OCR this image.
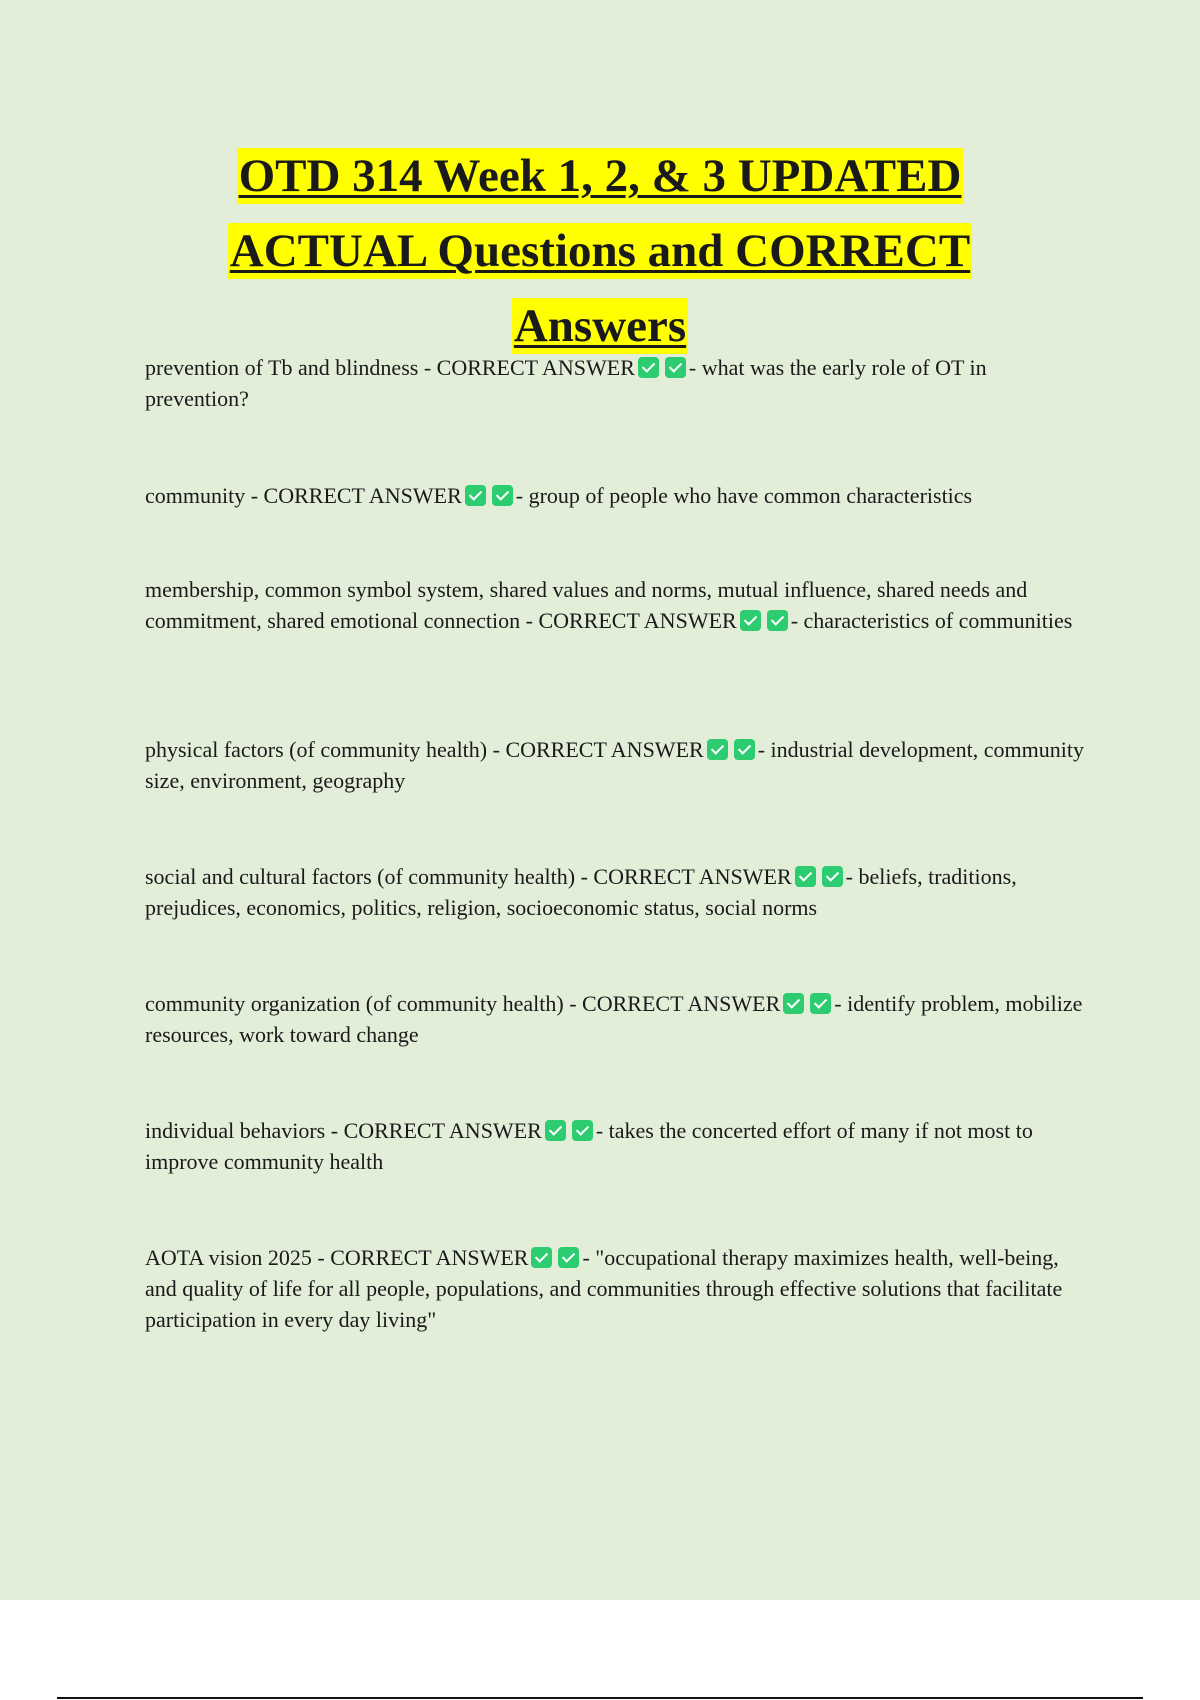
OTD 314 Week 1, 2, & 3 UPDATED
ACTUAL Questions and CORRECT
Answers

prevention of Tb and blindness - CORRECT ANSWER - what was the early role of OT in prevention?

community - CORRECT ANSWER - group of people who have common characteristics

membership, common symbol system, shared values and norms, mutual influence, shared needs and commitment, shared emotional connection - CORRECT ANSWER - characteristics of communities

physical factors (of community health) - CORRECT ANSWER - industrial development, community size, environment, geography

social and cultural factors (of community health) - CORRECT ANSWER - beliefs, traditions, prejudices, economics, politics, religion, socioeconomic status, social norms

community organization (of community health) - CORRECT ANSWER - identify problem, mobilize resources, work toward change

individual behaviors - CORRECT ANSWER - takes the concerted effort of many if not most to improve community health

AOTA vision 2025 - CORRECT ANSWER - "occupational therapy maximizes health, well-being, and quality of life for all people, populations, and communities through effective solutions that facilitate participation in every day living"
